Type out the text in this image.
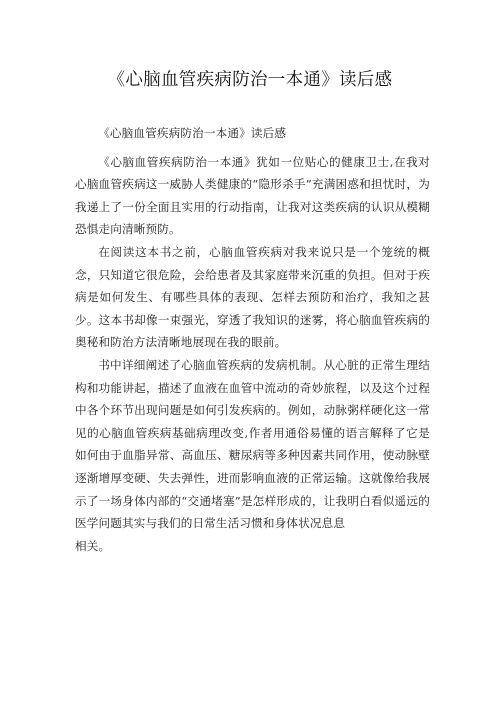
《心脑血管疾病防治一本通》读后感

《心脑血管疾病防治一本通》读后感

《心脑血管疾病防治一本通》犹如一位贴心的健康卫士,在我对心脑血管疾病这一威胁人类健康的“隐形杀手”充满困惑和担忧时，为我递上了一份全面且实用的行动指南，让我对这类疾病的认识从模糊恐惧走向清晰预防。

在阅读这本书之前，心脑血管疾病对我来说只是一个笼统的概念，只知道它很危险，会给患者及其家庭带来沉重的负担。但对于疾病是如何发生、有哪些具体的表现、怎样去预防和治疗，我知之甚少。这本书却像一束强光，穿透了我知识的迷雾，将心脑血管疾病的奥秘和防治方法清晰地展现在我的眼前。

书中详细阐述了心脑血管疾病的发病机制。从心脏的正常生理结构和功能讲起，描述了血液在血管中流动的奇妙旅程，以及这个过程中各个环节出现问题是如何引发疾病的。例如，动脉粥样硬化这一常见的心脑血管疾病基础病理改变,作者用通俗易懂的语言解释了它是如何由于血脂异常、高血压、糖尿病等多种因素共同作用，使动脉壁逐渐增厚变硬、失去弹性，进而影响血液的正常运输。这就像给我展示了一场身体内部的“交通堵塞”是怎样形成的，让我明白看似遥远的医学问题其实与我们的日常生活习惯和身体状况息息

相关。
